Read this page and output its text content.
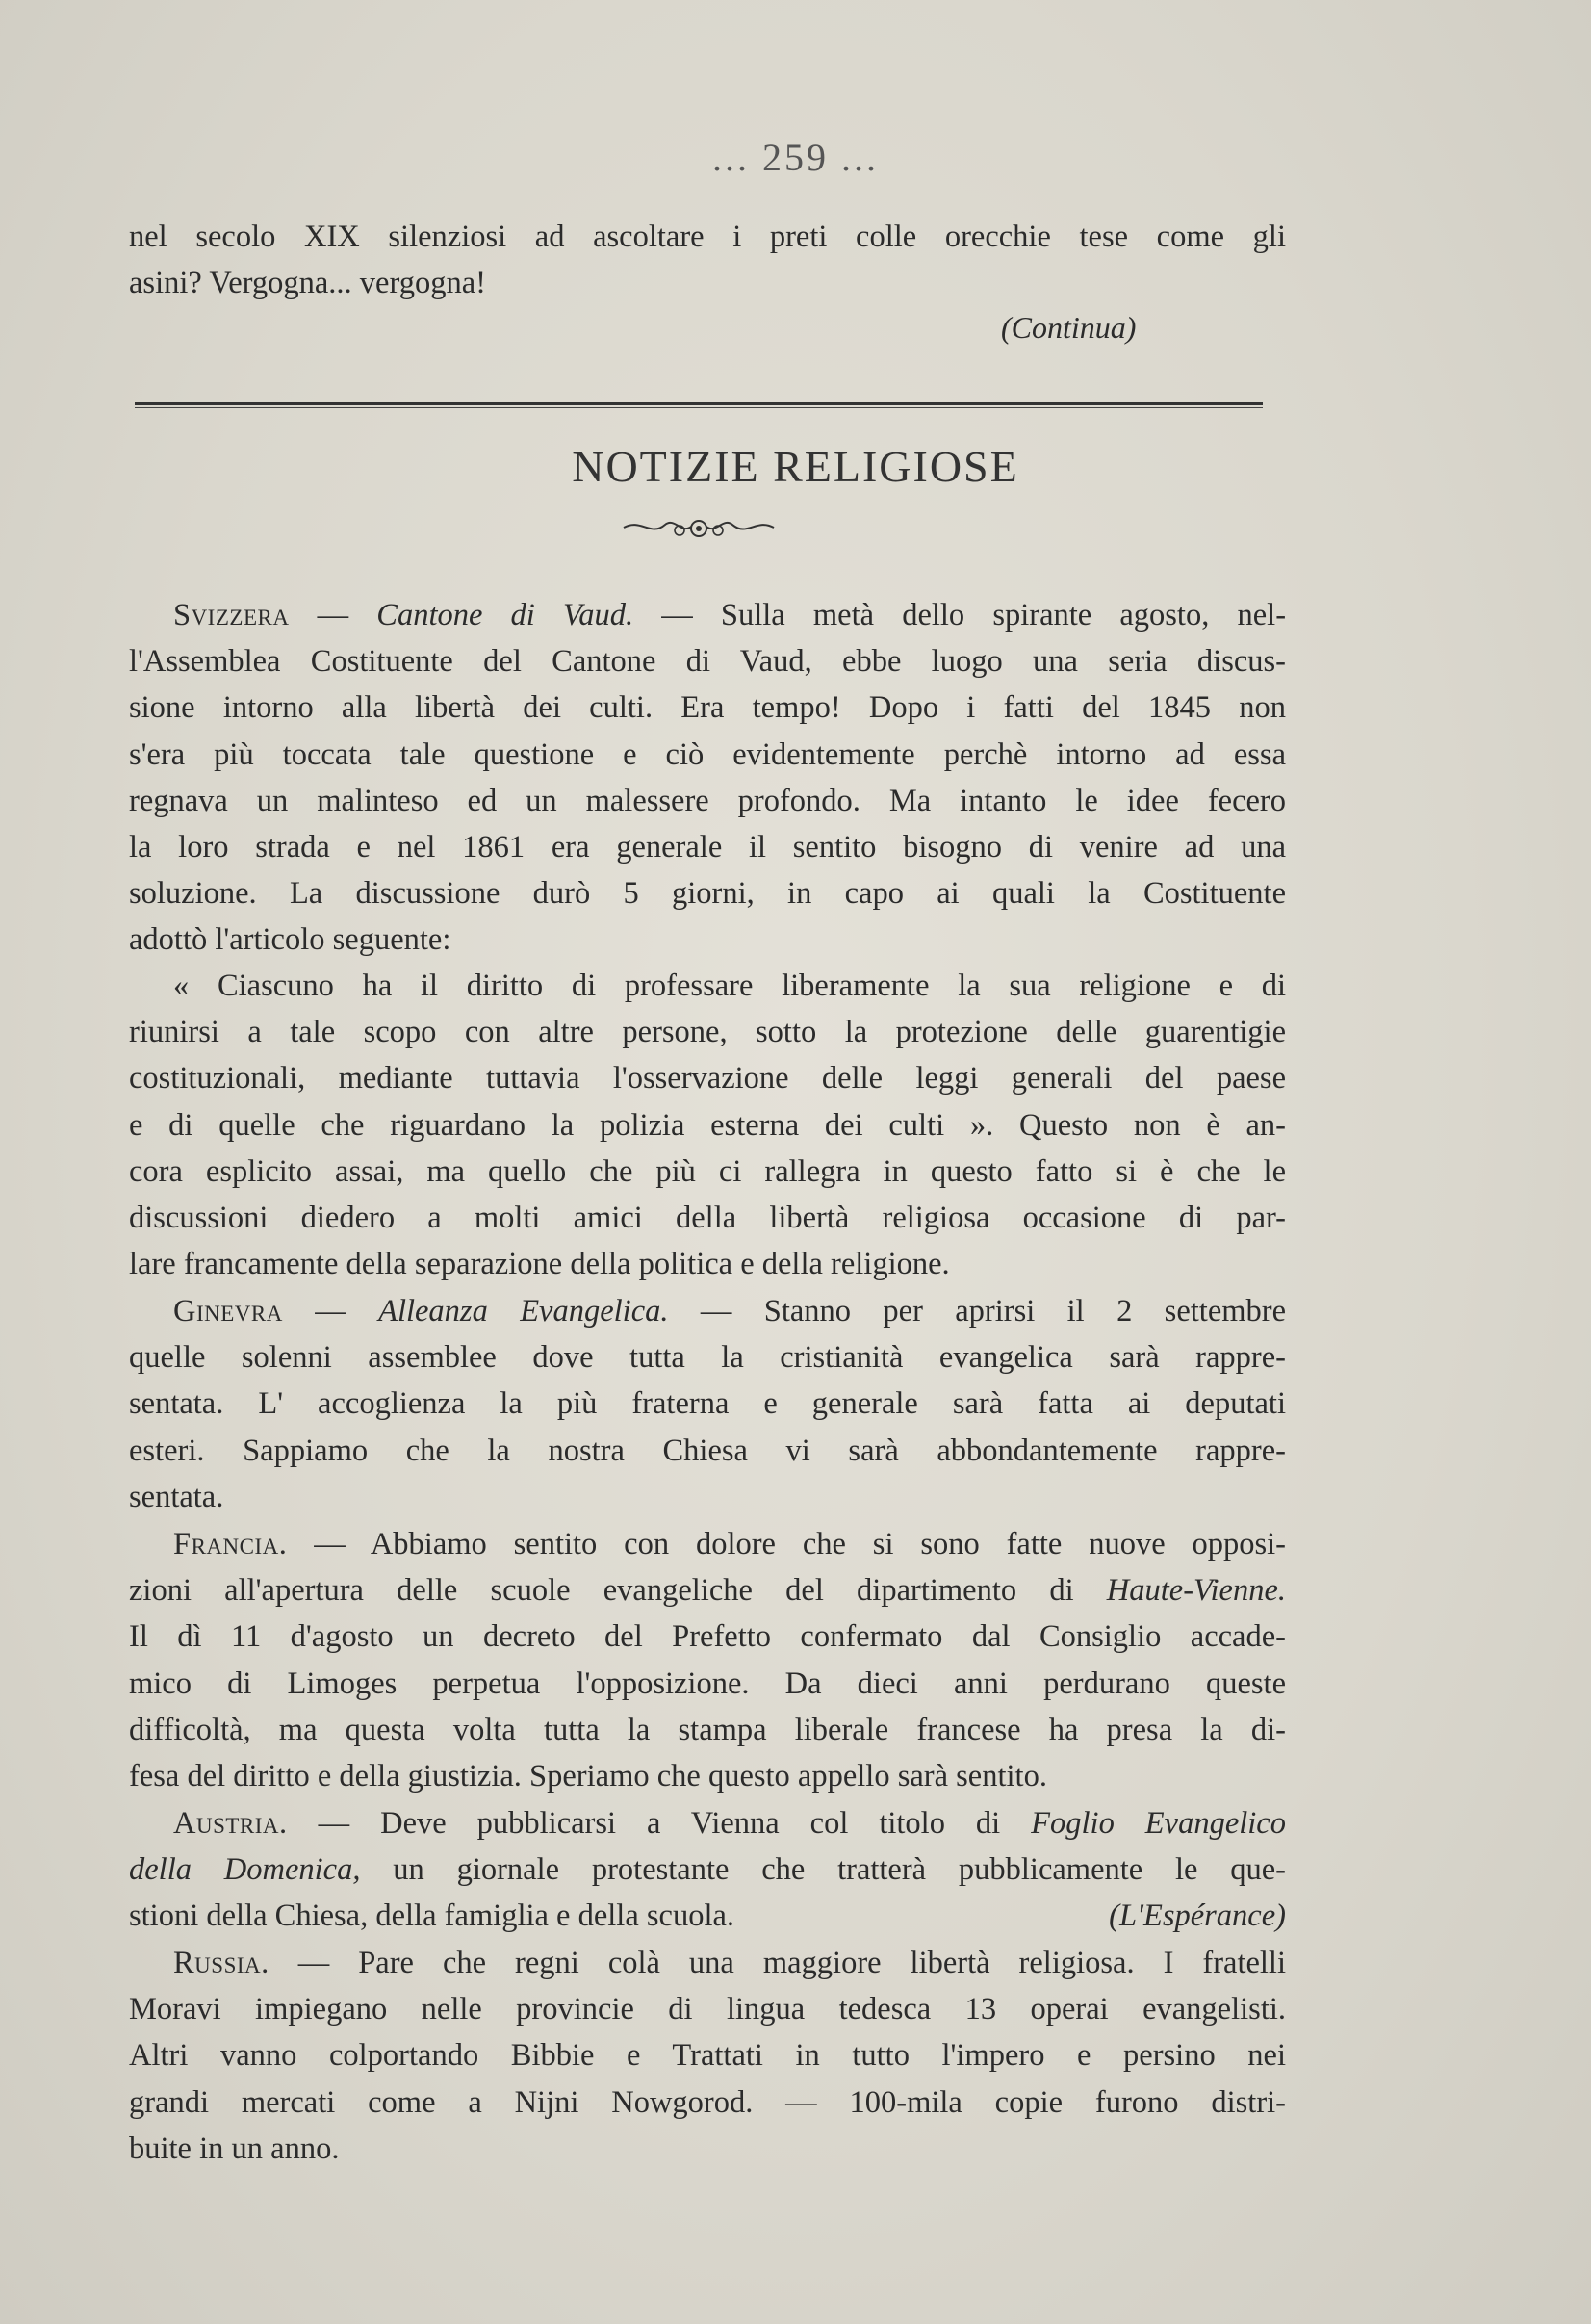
... 259 ...
nel secolo XIX silenziosi ad ascoltare i preti colle orecchie tese come gli
asini? Vergogna... vergogna!
(Continua)
NOTIZIE RELIGIOSE
Svizzera — Cantone di Vaud. — Sulla metà dello spirante agosto, nel-
l'Assemblea Costituente del Cantone di Vaud, ebbe luogo una seria discus-
sione intorno alla libertà dei culti. Era tempo! Dopo i fatti del 1845 non
s'era più toccata tale questione e ciò evidentemente perchè intorno ad essa
regnava un malinteso ed un malessere profondo. Ma intanto le idee fecero
la loro strada e nel 1861 era generale il sentito bisogno di venire ad una
soluzione. La discussione durò 5 giorni, in capo ai quali la Costituente
adottò l'articolo seguente:
« Ciascuno ha il diritto di professare liberamente la sua religione e di
riunirsi a tale scopo con altre persone, sotto la protezione delle guarentigie
costituzionali, mediante tuttavia l'osservazione delle leggi generali del paese
e di quelle che riguardano la polizia esterna dei culti ». Questo non è an-
cora esplicito assai, ma quello che più ci rallegra in questo fatto si è che le
discussioni diedero a molti amici della libertà religiosa occasione di par-
lare francamente della separazione della politica e della religione.
Ginevra — Alleanza Evangelica. — Stanno per aprirsi il 2 settembre
quelle solenni assemblee dove tutta la cristianità evangelica sarà rappre-
sentata. L' accoglienza la più fraterna e generale sarà fatta ai deputati
esteri. Sappiamo che la nostra Chiesa vi sarà abbondantemente rappre-
sentata.
Francia. — Abbiamo sentito con dolore che si sono fatte nuove opposi-
zioni all'apertura delle scuole evangeliche del dipartimento di Haute-Vienne.
Il dì 11 d'agosto un decreto del Prefetto confermato dal Consiglio accade-
mico di Limoges perpetua l'opposizione. Da dieci anni perdurano queste
difficoltà, ma questa volta tutta la stampa liberale francese ha presa la di-
fesa del diritto e della giustizia. Speriamo che questo appello sarà sentito.
Austria. — Deve pubblicarsi a Vienna col titolo di Foglio Evangelico
della Domenica, un giornale protestante che tratterà pubblicamente le que-
stioni della Chiesa, della famiglia e della scuola.	(L'Espérance)
Russia. — Pare che regni colà una maggiore libertà religiosa. I fratelli
Moravi impiegano nelle provincie di lingua tedesca 13 operai evangelisti.
Altri vanno colportando Bibbie e Trattati in tutto l'impero e persino nei
grandi mercati come a Nijni Nowgorod. — 100-mila copie furono distri-
buite in un anno.
